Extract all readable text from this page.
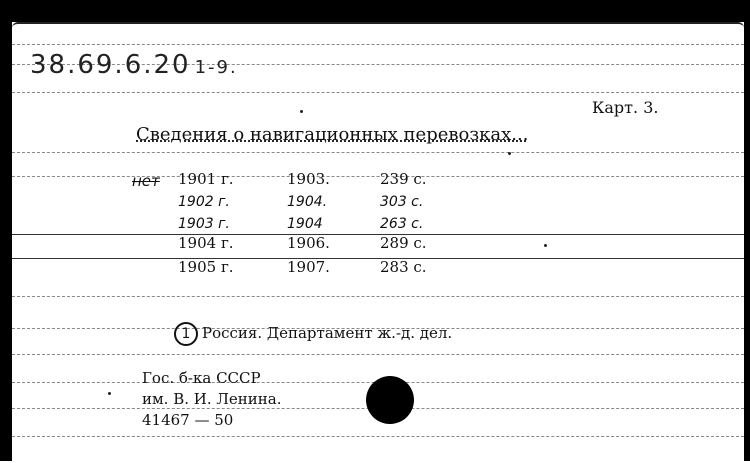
38.69.6.20 1-9.
Карт. 3.
Сведения о навигационных перевозках...
нет 1901 г.	1903.	239 с.
1902 г.	1904.	303 с.
1903 г.	1904	263 с.
1904 г.	1906.	289 с.
1905 г.	1907.	283 с.
1 Россия. Департамент ж.-д. дел.
Гос. б-ка СССР
им. В. И. Ленина.
41467 — 50
